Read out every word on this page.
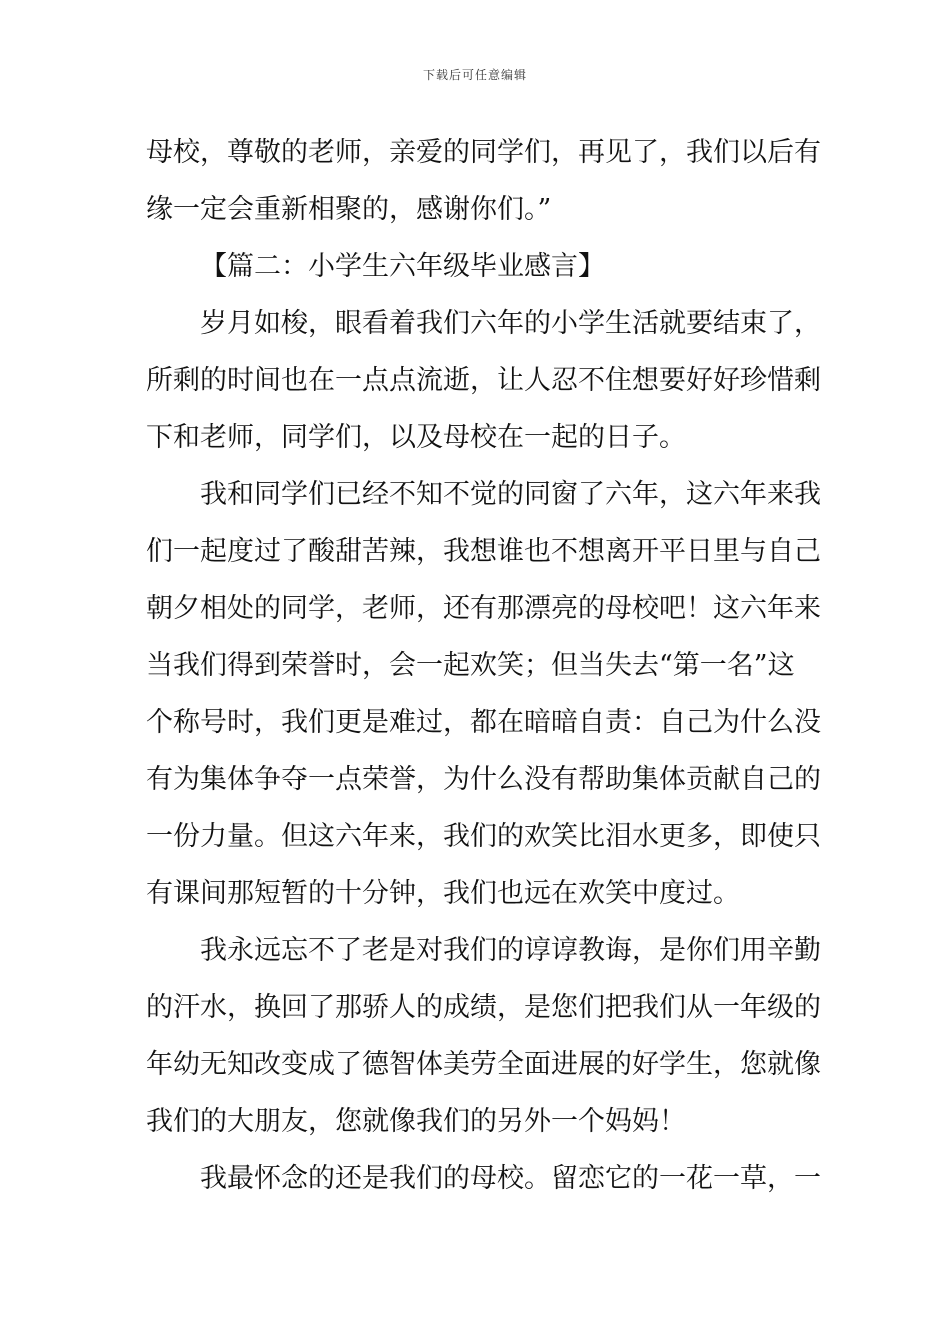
下载后可任意编辑
母校，尊敬的老师，亲爱的同学们，再见了，我们以后有
缘一定会重新相聚的，感谢你们。”
【篇二：小学生六年级毕业感言】
岁月如梭，眼看着我们六年的小学生活就要结束了，
所剩的时间也在一点点流逝，让人忍不住想要好好珍惜剩
下和老师，同学们，以及母校在一起的日子。
我和同学们已经不知不觉的同窗了六年，这六年来我
们一起度过了酸甜苦辣，我想谁也不想离开平日里与自己
朝夕相处的同学，老师，还有那漂亮的母校吧！这六年来
当我们得到荣誉时，会一起欢笑；但当失去“第一名”这
个称号时，我们更是难过，都在暗暗自责：自己为什么没
有为集体争夺一点荣誉，为什么没有帮助集体贡献自己的
一份力量。但这六年来，我们的欢笑比泪水更多，即使只
有课间那短暂的十分钟，我们也远在欢笑中度过。
我永远忘不了老是对我们的谆谆教诲，是你们用辛勤
的汗水，换回了那骄人的成绩，是您们把我们从一年级的
年幼无知改变成了德智体美劳全面进展的好学生，您就像
我们的大朋友，您就像我们的另外一个妈妈！
我最怀念的还是我们的母校。留恋它的一花一草，一
